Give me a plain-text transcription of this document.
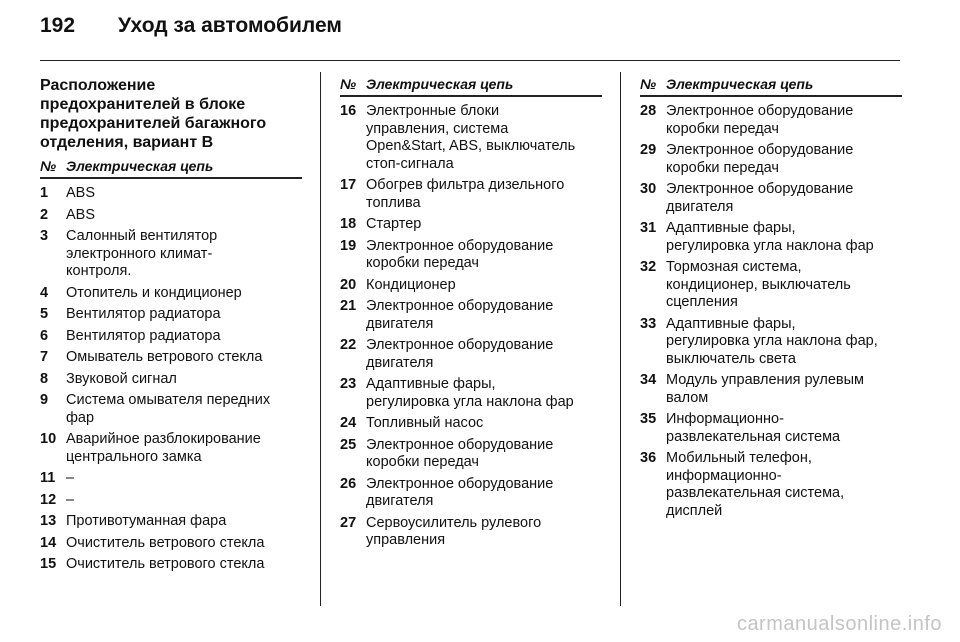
192	Уход за автомобилем
Расположение
предохранителей в блоке
предохранителей багажного
отделения, вариант B
№ Электрическая цепь
1	ABS
2	ABS
3	Салонный вентилятор
электронного климат-
контроля.
4	Отопитель и кондиционер
5	Вентилятор радиатора
6	Вентилятор радиатора
7	Омыватель ветрового стекла
8	Звуковой сигнал
9	Система омывателя передних
фар
10 Аварийное разблокирование
центрального замка
11 –
12 –
13 Противотуманная фара
14 Очиститель ветрового стекла
15 Очиститель ветрового стекла
№ Электрическая цепь
16 Электронные блоки
управления, система
Open&Start, ABS, выключатель
стоп-сигнала
17 Обогрев фильтра дизельного
топлива
18 Стартер
19 Электронное оборудование
коробки передач
20 Кондиционер
21 Электронное оборудование
двигателя
22 Электронное оборудование
двигателя
23 Адаптивные фары,
регулировка угла наклона фар
24 Топливный насос
25 Электронное оборудование
коробки передач
26 Электронное оборудование
двигателя
27 Сервоусилитель рулевого
управления
№ Электрическая цепь
28 Электронное оборудование
коробки передач
29 Электронное оборудование
коробки передач
30 Электронное оборудование
двигателя
31 Адаптивные фары,
регулировка угла наклона фар
32 Тормозная система,
кондиционер, выключатель
сцепления
33 Адаптивные фары,
регулировка угла наклона фар,
выключатель света
34 Модуль управления рулевым
валом
35 Информационно-
развлекательная система
36 Мобильный телефон,
информационно-
развлекательная система,
дисплей
carmanualsonline.info
